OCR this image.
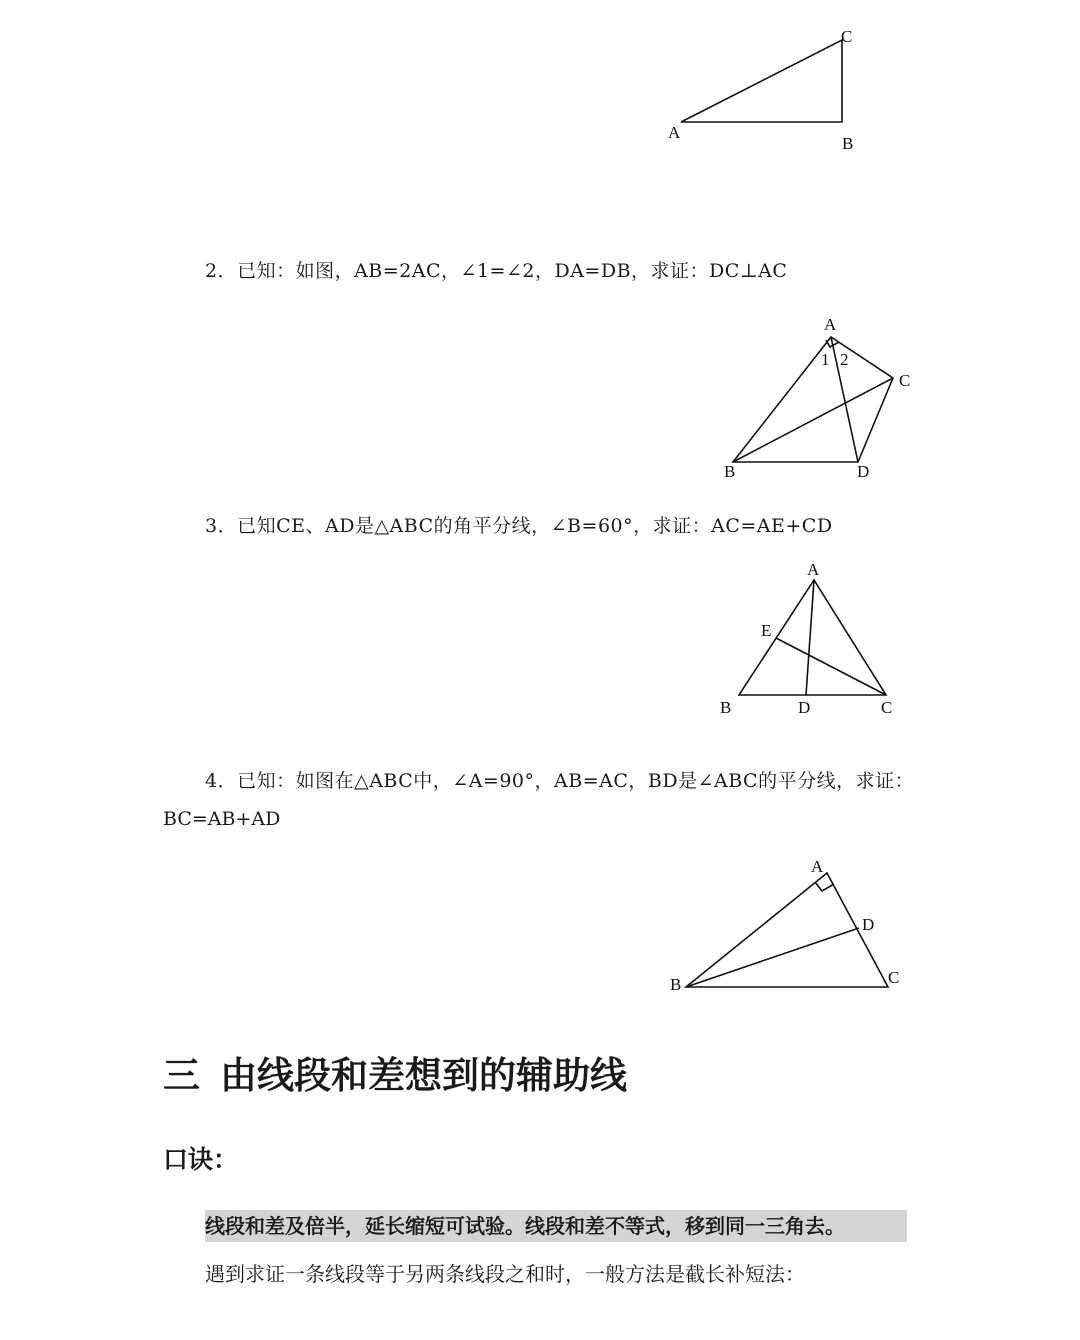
A
B
C
2．已知：如图，AB=2AC，∠1=∠2，DA=DB，求证：DC⊥AC
A
B
C
D
1 2
3．已知CE、AD是△ABC的角平分线，∠B=60°，求证：AC=AE+CD
A
B	C
D
E
4．已知：如图在△ABC中，∠A=90°，AB=AC，BD是∠ABC的平分线，求证：
BC=AB+AD
A
B	C
D
三 由线段和差想到的辅助线
口诀：
线段和差及倍半，延长缩短可试验。线段和差不等式，移到同一三角去。
遇到求证一条线段等于另两条线段之和时，一般方法是截长补短法：
